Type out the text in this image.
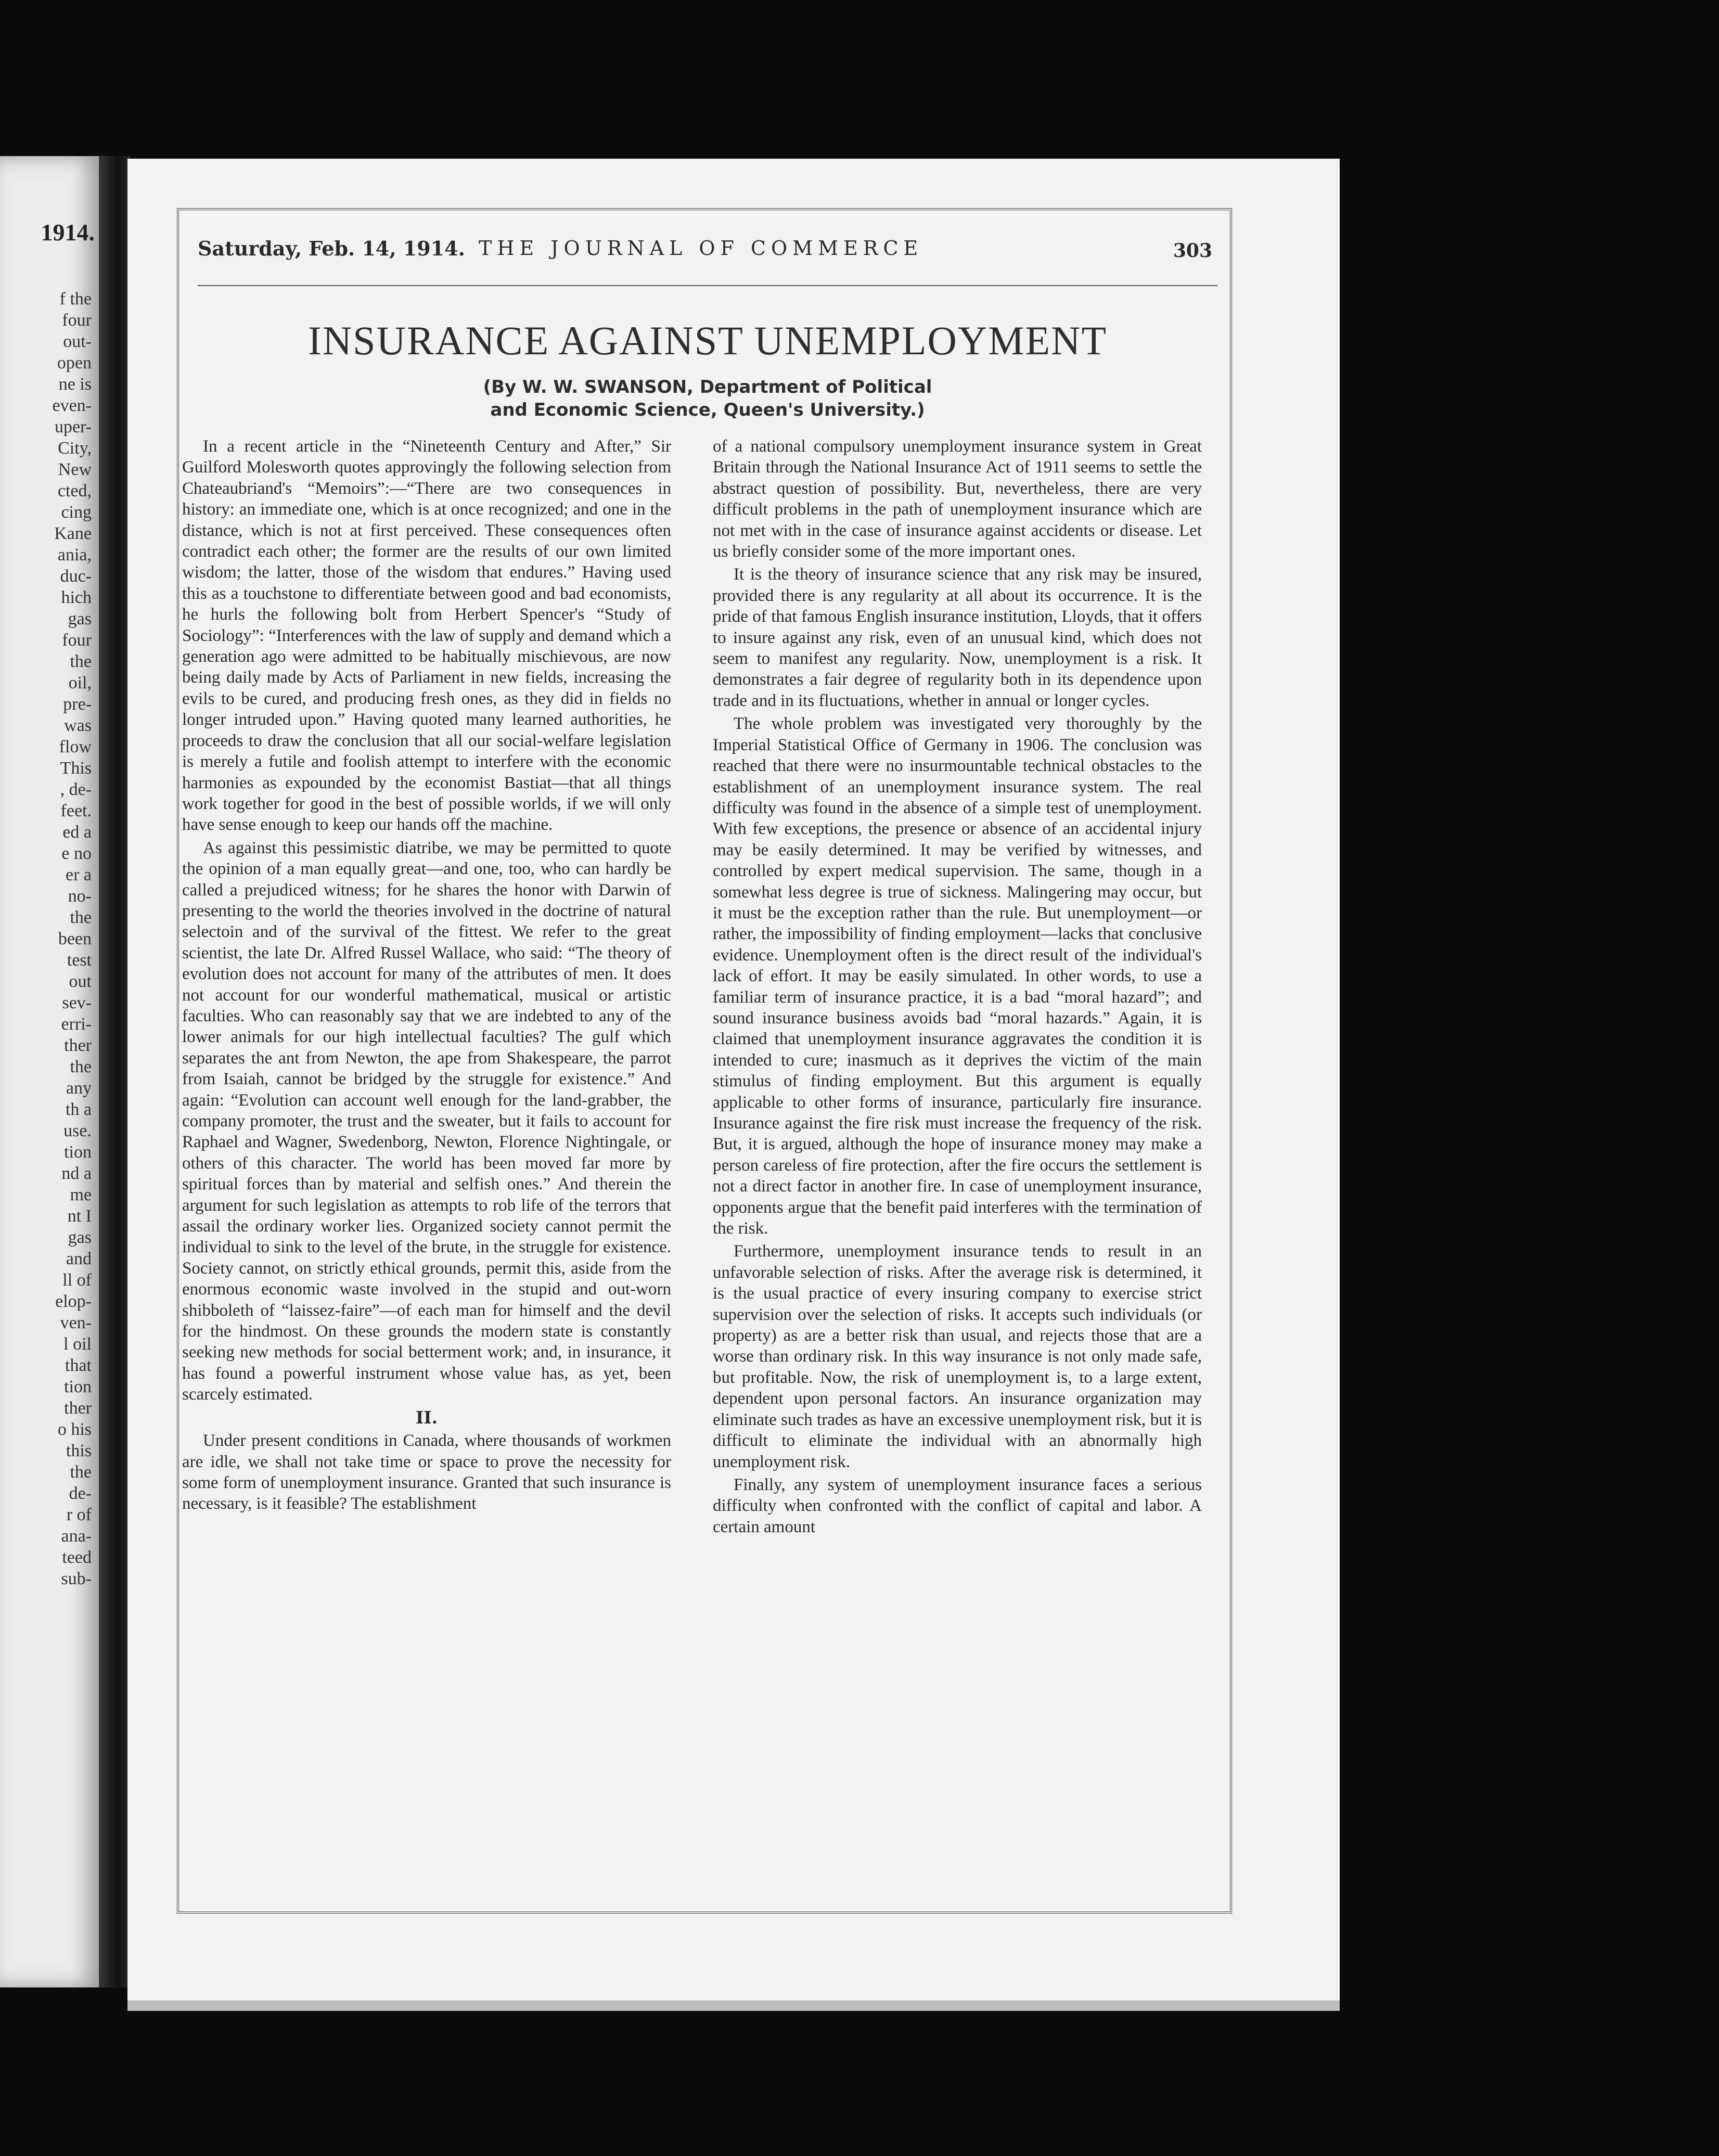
1914.
f the
four
out-
open
ne is
even-
uper-
City,
New
cted,
cing
Kane
ania,
duc-
hich
gas
four
the
oil,
pre-
was
flow
This
, de-
feet.
ed a
e no
er a
no-
the
been
test
out
sev-
erri-
ther
the
any
th a
use.
tion
nd a
me
nt I
gas
and
ll of
elop-
ven-
l oil
that
tion
ther
o his
this
the
de-
r of
ana-
teed
sub-
Saturday, Feb. 14, 1914. THE JOURNAL OF COMMERCE	303
INSURANCE AGAINST UNEMPLOYMENT
(By W. W. SWANSON, Department of Political
and Economic Science, Queen's University.)

In a recent article in the “Nineteenth Century and After,” Sir Guilford Molesworth quotes approvingly the following selection from Chateaubriand's “Memoirs”:—“There are two consequences in history: an immediate one, which is at once recognized; and one in the distance, which is not at first perceived. These consequences often contradict each other; the former are the results of our own limited wisdom; the latter, those of the wisdom that endures.” Having used this as a touchstone to differentiate between good and bad economists, he hurls the following bolt from Herbert Spencer's “Study of Sociology”: “Interferences with the law of supply and demand which a generation ago were admitted to be habitually mischievous, are now being daily made by Acts of Parliament in new fields, increasing the evils to be cured, and producing fresh ones, as they did in fields no longer intruded upon.” Having quoted many learned authorities, he proceeds to draw the conclusion that all our social-welfare legislation is merely a futile and foolish attempt to interfere with the economic harmonies as expounded by the economist Bastiat—that all things work together for good in the best of possible worlds, if we will only have sense enough to keep our hands off the machine.

As against this pessimistic diatribe, we may be permitted to quote the opinion of a man equally great—and one, too, who can hardly be called a prejudiced witness; for he shares the honor with Darwin of presenting to the world the theories involved in the doctrine of natural selectoin and of the survival of the fittest. We refer to the great scientist, the late Dr. Alfred Russel Wallace, who said: “The theory of evolution does not account for many of the attributes of men. It does not account for our wonderful mathematical, musical or artistic faculties. Who can reasonably say that we are indebted to any of the lower animals for our high intellectual faculties? The gulf which separates the ant from Newton, the ape from Shakespeare, the parrot from Isaiah, cannot be bridged by the struggle for existence.” And again: “Evolution can account well enough for the land-grabber, the company promoter, the trust and the sweater, but it fails to account for Raphael and Wagner, Swedenborg, Newton, Florence Nightingale, or others of this character. The world has been moved far more by spiritual forces than by material and selfish ones.” And therein the argument for such legislation as attempts to rob life of the terrors that assail the ordinary worker lies. Organized society cannot permit the individual to sink to the level of the brute, in the struggle for existence. Society cannot, on strictly ethical grounds, permit this, aside from the enormous economic waste involved in the stupid and out-worn shibboleth of “laissez-faire”—of each man for himself and the devil for the hindmost. On these grounds the modern state is constantly seeking new methods for social betterment work; and, in insurance, it has found a powerful instrument whose value has, as yet, been scarcely estimated.

II.

Under present conditions in Canada, where thousands of workmen are idle, we shall not take time or space to prove the necessity for some form of unemployment insurance. Granted that such insurance is necessary, is it feasible? The establishment

of a national compulsory unemployment insurance system in Great Britain through the National Insurance Act of 1911 seems to settle the abstract question of possibility. But, nevertheless, there are very difficult problems in the path of unemployment insurance which are not met with in the case of insurance against accidents or disease. Let us briefly consider some of the more important ones.

It is the theory of insurance science that any risk may be insured, provided there is any regularity at all about its occurrence. It is the pride of that famous English insurance institution, Lloyds, that it offers to insure against any risk, even of an unusual kind, which does not seem to manifest any regularity. Now, unemployment is a risk. It demonstrates a fair degree of regularity both in its dependence upon trade and in its fluctuations, whether in annual or longer cycles.

The whole problem was investigated very thoroughly by the Imperial Statistical Office of Germany in 1906. The conclusion was reached that there were no insurmountable technical obstacles to the establishment of an unemployment insurance system. The real difficulty was found in the absence of a simple test of unemployment. With few exceptions, the presence or absence of an accidental injury may be easily determined. It may be verified by witnesses, and controlled by expert medical supervision. The same, though in a somewhat less degree is true of sickness. Malingering may occur, but it must be the exception rather than the rule. But unemployment—or rather, the impossibility of finding employment—lacks that conclusive evidence. Unemployment often is the direct result of the individual's lack of effort. It may be easily simulated. In other words, to use a familiar term of insurance practice, it is a bad “moral hazard”; and sound insurance business avoids bad “moral hazards.” Again, it is claimed that unemployment insurance aggravates the condition it is intended to cure; inasmuch as it deprives the victim of the main stimulus of finding employment. But this argument is equally applicable to other forms of insurance, particularly fire insurance. Insurance against the fire risk must increase the frequency of the risk. But, it is argued, although the hope of insurance money may make a person careless of fire protection, after the fire occurs the settlement is not a direct factor in another fire. In case of unemployment insurance, opponents argue that the benefit paid interferes with the termination of the risk.

Furthermore, unemployment insurance tends to result in an unfavorable selection of risks. After the average risk is determined, it is the usual practice of every insuring company to exercise strict supervision over the selection of risks. It accepts such individuals (or property) as are a better risk than usual, and rejects those that are a worse than ordinary risk. In this way insurance is not only made safe, but profitable. Now, the risk of unemployment is, to a large extent, dependent upon personal factors. An insurance organization may eliminate such trades as have an excessive unemployment risk, but it is difficult to eliminate the individual with an abnormally high unemployment risk.

Finally, any system of unemployment insurance faces a serious difficulty when confronted with the conflict of capital and labor. A certain amount
